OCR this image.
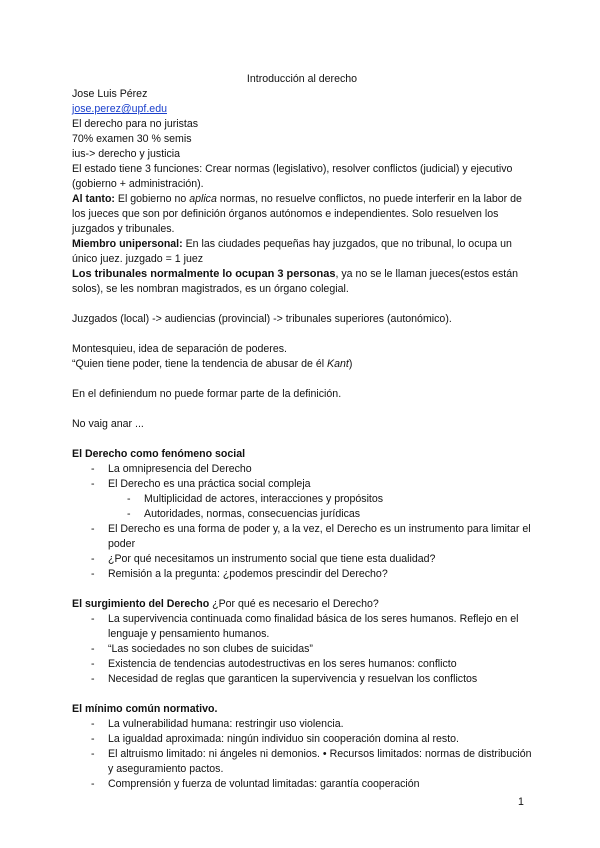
Introducción al derecho
Jose Luis Pérez
jose.perez@upf.edu
El derecho para no juristas
70% examen 30 % semis
ius-> derecho y justicia
El estado tiene 3 funciones: Crear normas (legislativo), resolver conflictos (judicial) y ejecutivo (gobierno + administración).
Al tanto: El gobierno no aplica normas, no resuelve conflictos, no puede interferir en la labor de los jueces que son por definición órganos autónomos e independientes. Solo resuelven los juzgados y tribunales.
Miembro unipersonal: En las ciudades pequeñas hay juzgados, que no tribunal, lo ocupa un único juez. juzgado = 1 juez
Los tribunales normalmente lo ocupan 3 personas, ya no se le llaman jueces(estos están solos), se les nombran magistrados, es un órgano colegial.
Juzgados (local) -> audiencias (provincial) -> tribunales superiores (autonómico).
Montesquieu, idea de separación de poderes.
“Quien tiene poder, tiene la tendencia de abusar de él Kant)
En el definiendum no puede formar parte de la definición.
No vaig anar ...
El Derecho como fenómeno social
- La omnipresencia del Derecho
- El Derecho es una práctica social compleja
- Multiplicidad de actores, interacciones y propósitos
- Autoridades, normas, consecuencias jurídicas
- El Derecho es una forma de poder y, a la vez, el Derecho es un instrumento para limitar el poder
- ¿Por qué necesitamos un instrumento social que tiene esta dualidad?
- Remisión a la pregunta: ¿podemos prescindir del Derecho?
El surgimiento del Derecho ¿Por qué es necesario el Derecho?
- La supervivencia continuada como finalidad básica de los seres humanos. Reflejo en el lenguaje y pensamiento humanos.
- “Las sociedades no son clubes de suicidas”
- Existencia de tendencias autodestructivas en los seres humanos: conflicto
- Necesidad de reglas que garanticen la supervivencia y resuelvan los conflictos
El mínimo común normativo.
- La vulnerabilidad humana: restringir uso violencia.
- La igualdad aproximada: ningún individuo sin cooperación domina al resto.
- El altruismo limitado: ni ángeles ni demonios. • Recursos limitados: normas de distribución y aseguramiento pactos.
- Comprensión y fuerza de voluntad limitadas: garantía cooperación
1
